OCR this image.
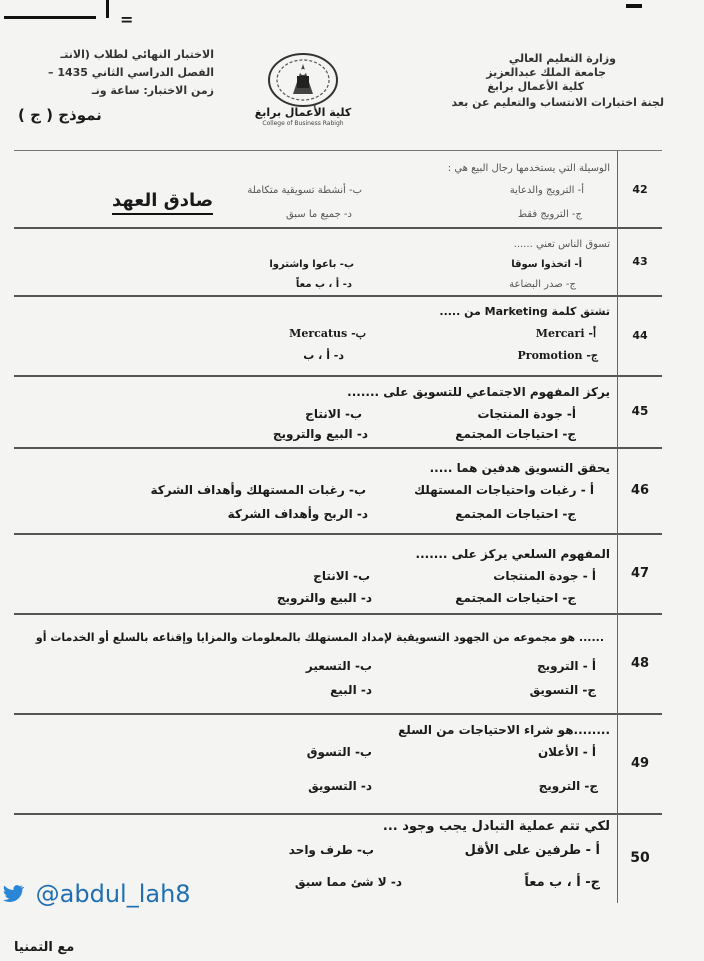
=
وزارة التعليم العالي
جامعة الملك عبدالعزيز
كلية الأعمال برابغ
لجنة اختبارات الانتساب والتعليم عن بعد
الاختبار النهائي لطلاب (الانتـ
الفصل الدراسي الثاني 1435 –
زمن الاختبار: ساعة ونـ
نموذج ( ج )	كلية الأعمال برابغ
College of Business Rabigh
42
الوسيلة التي يستخدمها رجال البيع هي :
أ- الترويج والدعاية
ب- أنشطة تسويقية متكاملة
ج- الترويج فقط
د- جميع ما سبق
43
تسوق الناس تعني ......
أ- اتخذوا سوقا
ب- باعوا واشتروا
ج- صدر البضاعة
د- أ ، ب معاً
44
تشتق كلمة Marketing من .....
Mercari -أ
Mercatus -ب
Promotion -ج
د- أ ، ب
45
يركز المفهوم الاجتماعي للتسويق على .......
أ- جودة المنتجات
ب- الانتاج
ج- احتياجات المجتمع
د- البيع والترويج
46
يحقق التسويق هدفين هما .....
أ - رغبات واحتياجات المستهلك
ب- رغبات المستهلك وأهداف الشركة
ج- احتياجات المجتمع
د- الربح وأهداف الشركة
47
المفهوم السلعي يركز على .......
أ - جودة المنتجات
ب- الانتاج
ج- احتياجات المجتمع
د- البيع والترويج
48
...... هو مجموعه من الجهود التسويقية لإمداد المستهلك بالمعلومات والمزايا وإقناعه بالسلع أو الخدمات أو
أ - الترويج
ب- التسعير
ج- التسويق
د- البيع
49
........هو شراء الاحتياجات من السلع
أ - الأعلان
ب- التسوق
ج- الترويج
د- التسويق
50
لكي تتم عملية التبادل يجب وجود ...
أ - طرفين على الأقل
ب- طرف واحد
ج- أ ، ب معاً
د- لا شئ مما سبق
صادق العهد
@abdul_lah8
مع التمنيا
